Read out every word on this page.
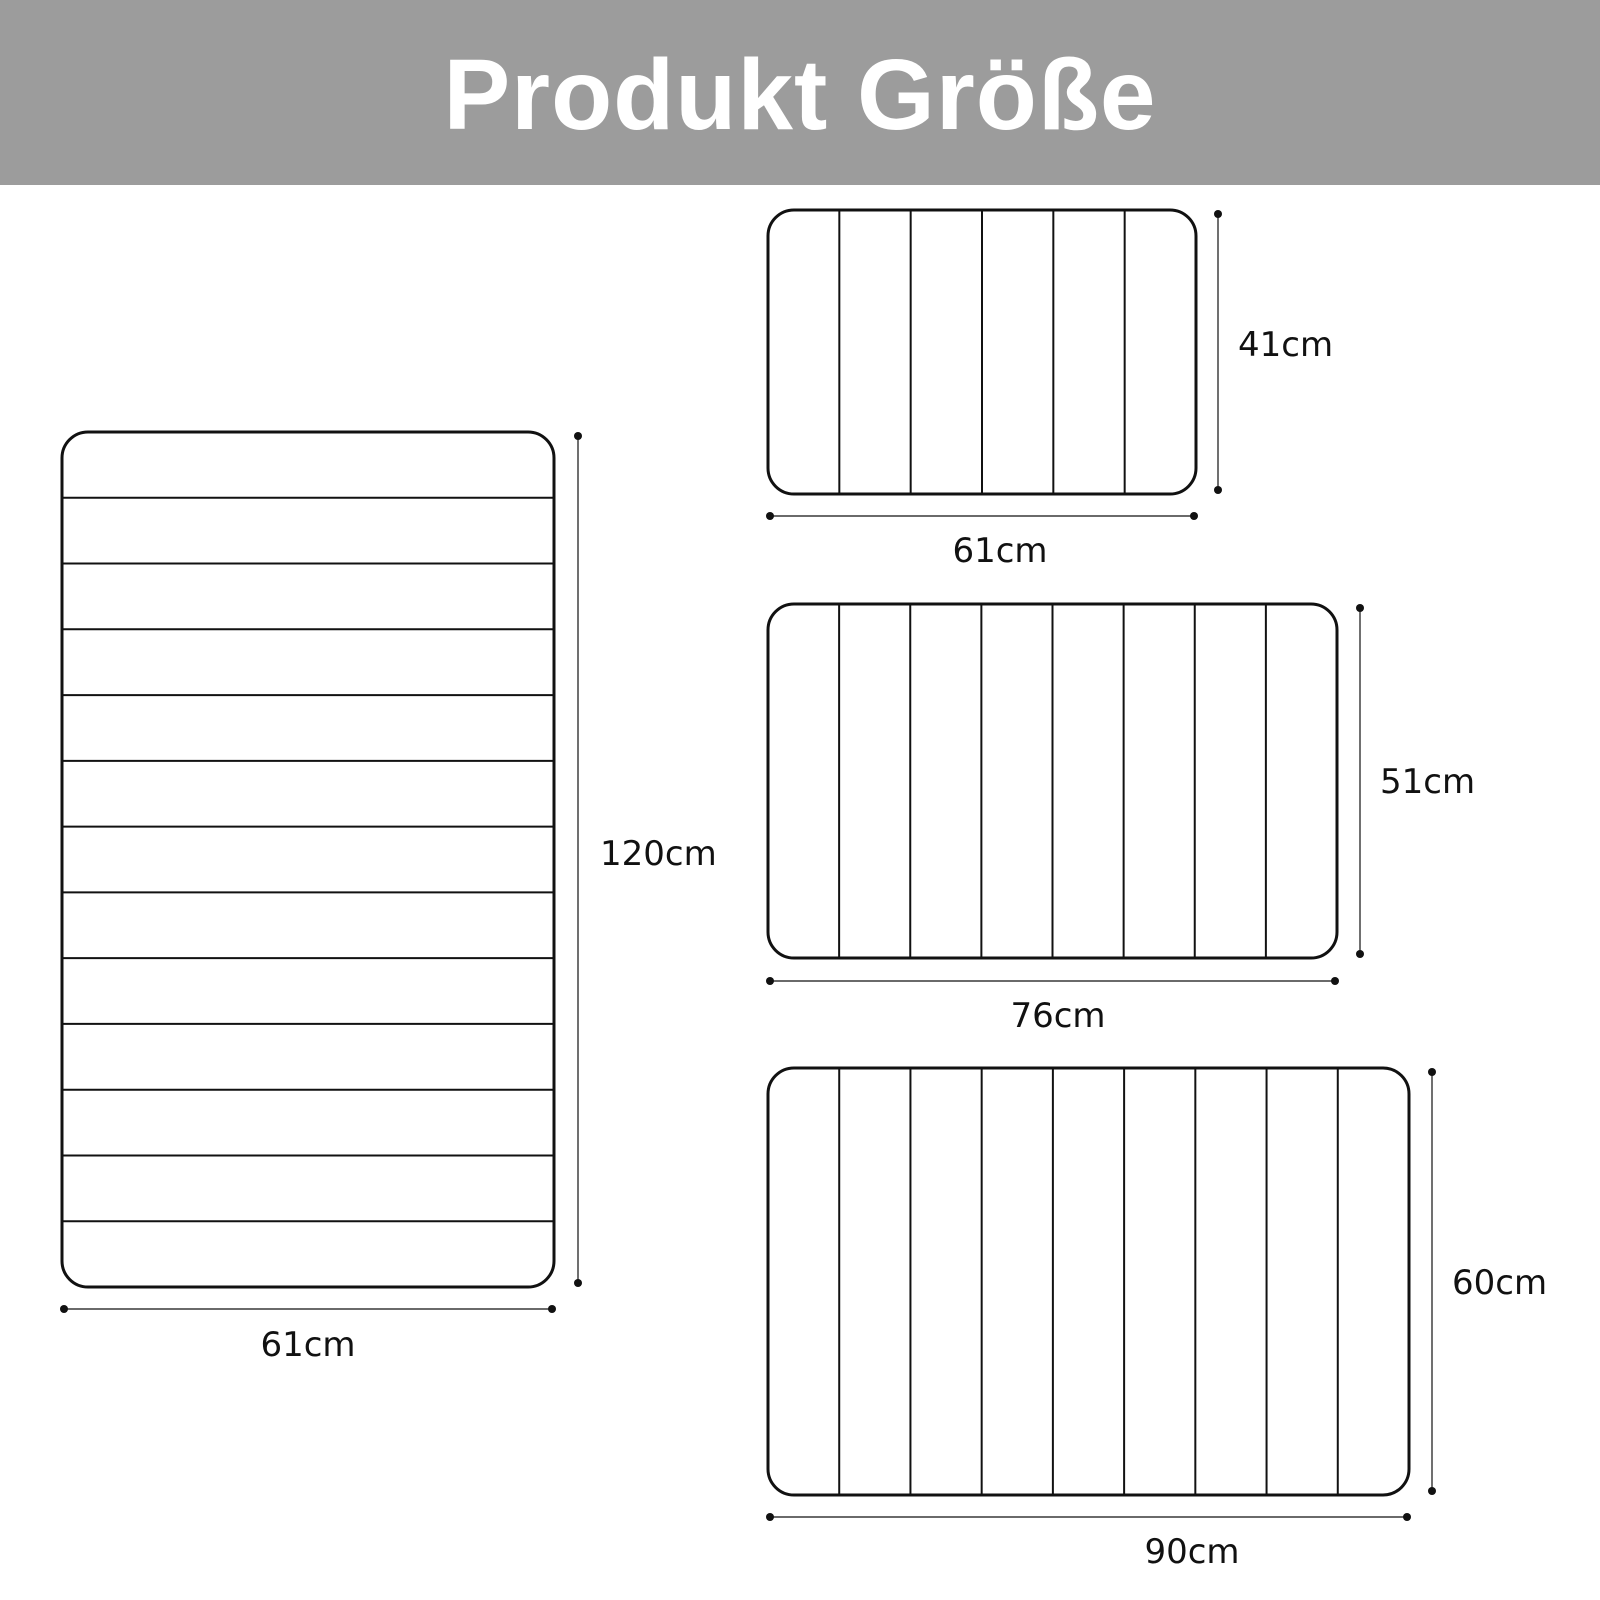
Produkt Größe
120cm
61cm
41cm
61cm
51cm
76cm
60cm
90cm
